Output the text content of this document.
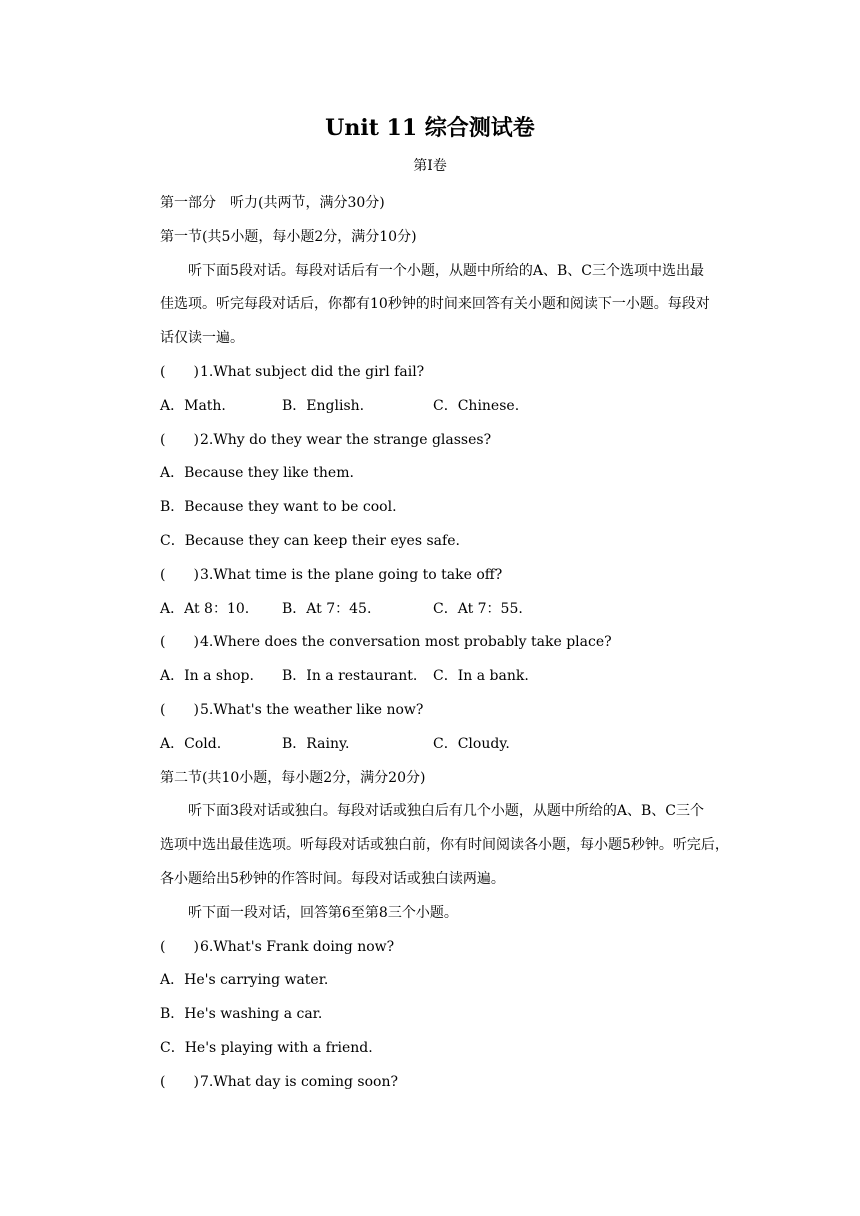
Unit 11 综合测试卷
第Ⅰ卷
第一部分　听力(共两节，满分30分)
第一节(共5小题，每小题2分，满分10分)
听下面5段对话。每段对话后有一个小题，从题中所给的A、B、C三个选项中选出最
佳选项。听完每段对话后，你都有10秒钟的时间来回答有关小题和阅读下一小题。每段对
话仅读一遍。
(　　)1.What subject did the girl fail?
A．Math.	B．English.	C．Chinese.
(　　)2.Why do they wear the strange glasses?
A．Because they like them.
B．Because they want to be cool.
C．Because they can keep their eyes safe.
(　　)3.What time is the plane going to take off?
A．At 8：10. B．At 7：45.	C．At 7：55.
(　　)4.Where does the conversation most probably take place?
A．In a shop. B．In a restaurant. C．In a bank.
(　　)5.What's the weather like now?
A．Cold.	B．Rainy.	C．Cloudy.
第二节(共10小题，每小题2分，满分20分)
听下面3段对话或独白。每段对话或独白后有几个小题，从题中所给的A、B、C三个
选项中选出最佳选项。听每段对话或独白前，你有时间阅读各小题，每小题5秒钟。听完后，
各小题给出5秒钟的作答时间。每段对话或独白读两遍。
听下面一段对话，回答第6至第8三个小题。
(　　)6.What's Frank doing now?
A．He's carrying water.
B．He's washing a car.
C．He's playing with a friend.
(　　)7.What day is coming soon?
